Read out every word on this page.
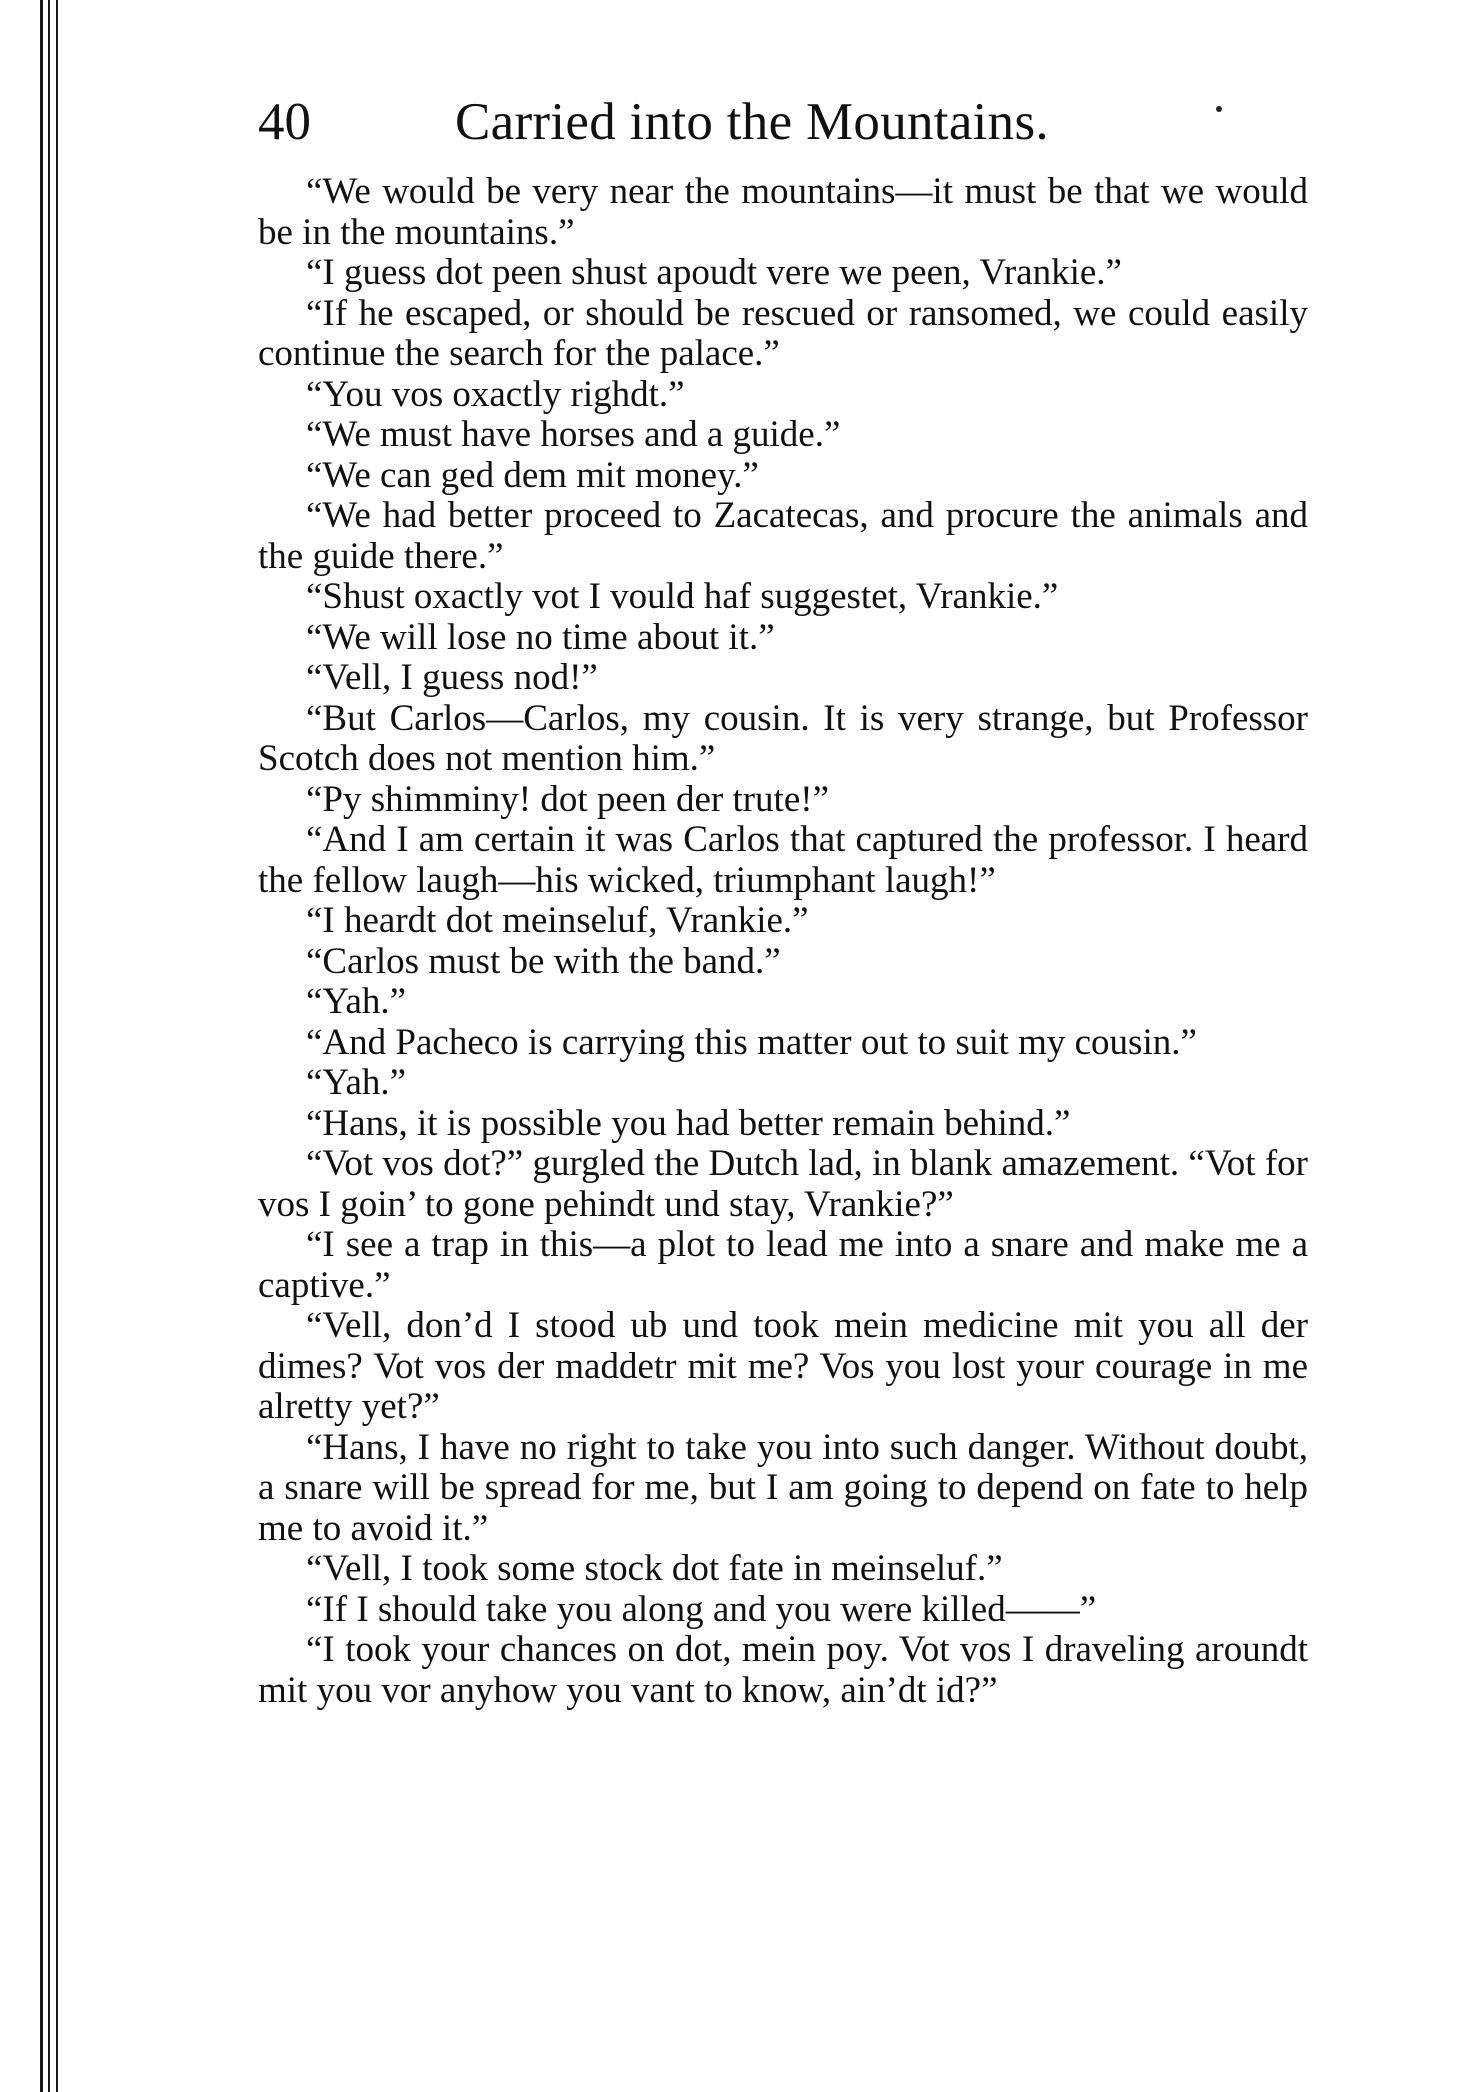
40	Carried into the Mountains.

“We would be very near the mountains—it must be that we would be in the mountains.”

“I guess dot peen shust apoudt vere we peen, Vrankie.”

“If he escaped, or should be rescued or ransomed, we could easily continue the search for the palace.”

“You vos oxactly righdt.”

“We must have horses and a guide.”

“We can ged dem mit money.”

“We had better proceed to Zacatecas, and procure the animals and the guide there.”

“Shust oxactly vot I vould haf suggestet, Vrankie.”

“We will lose no time about it.”

“Vell, I guess nod!”

“But Carlos—Carlos, my cousin. It is very strange, but Professor Scotch does not mention him.”

“Py shimminy! dot peen der trute!”

“And I am certain it was Carlos that captured the professor. I heard the fellow laugh—his wicked, triumphant laugh!”

“I heardt dot meinseluf, Vrankie.”

“Carlos must be with the band.”

“Yah.”

“And Pacheco is carrying this matter out to suit my cousin.”

“Yah.”

“Hans, it is possible you had better remain behind.”

“Vot vos dot?” gurgled the Dutch lad, in blank amazement. “Vot for vos I goin’ to gone pehindt und stay, Vrankie?”

“I see a trap in this—a plot to lead me into a snare and make me a captive.”

“Vell, don’d I stood ub und took mein medicine mit you all der dimes? Vot vos der maddetr mit me? Vos you lost your courage in me alretty yet?”

“Hans, I have no right to take you into such danger. Without doubt, a snare will be spread for me, but I am going to depend on fate to help me to avoid it.”

“Vell, I took some stock dot fate in meinseluf.”

“If I should take you along and you were killed——”

“I took your chances on dot, mein poy. Vot vos I draveling aroundt mit you vor anyhow you vant to know, ain’dt id?”
